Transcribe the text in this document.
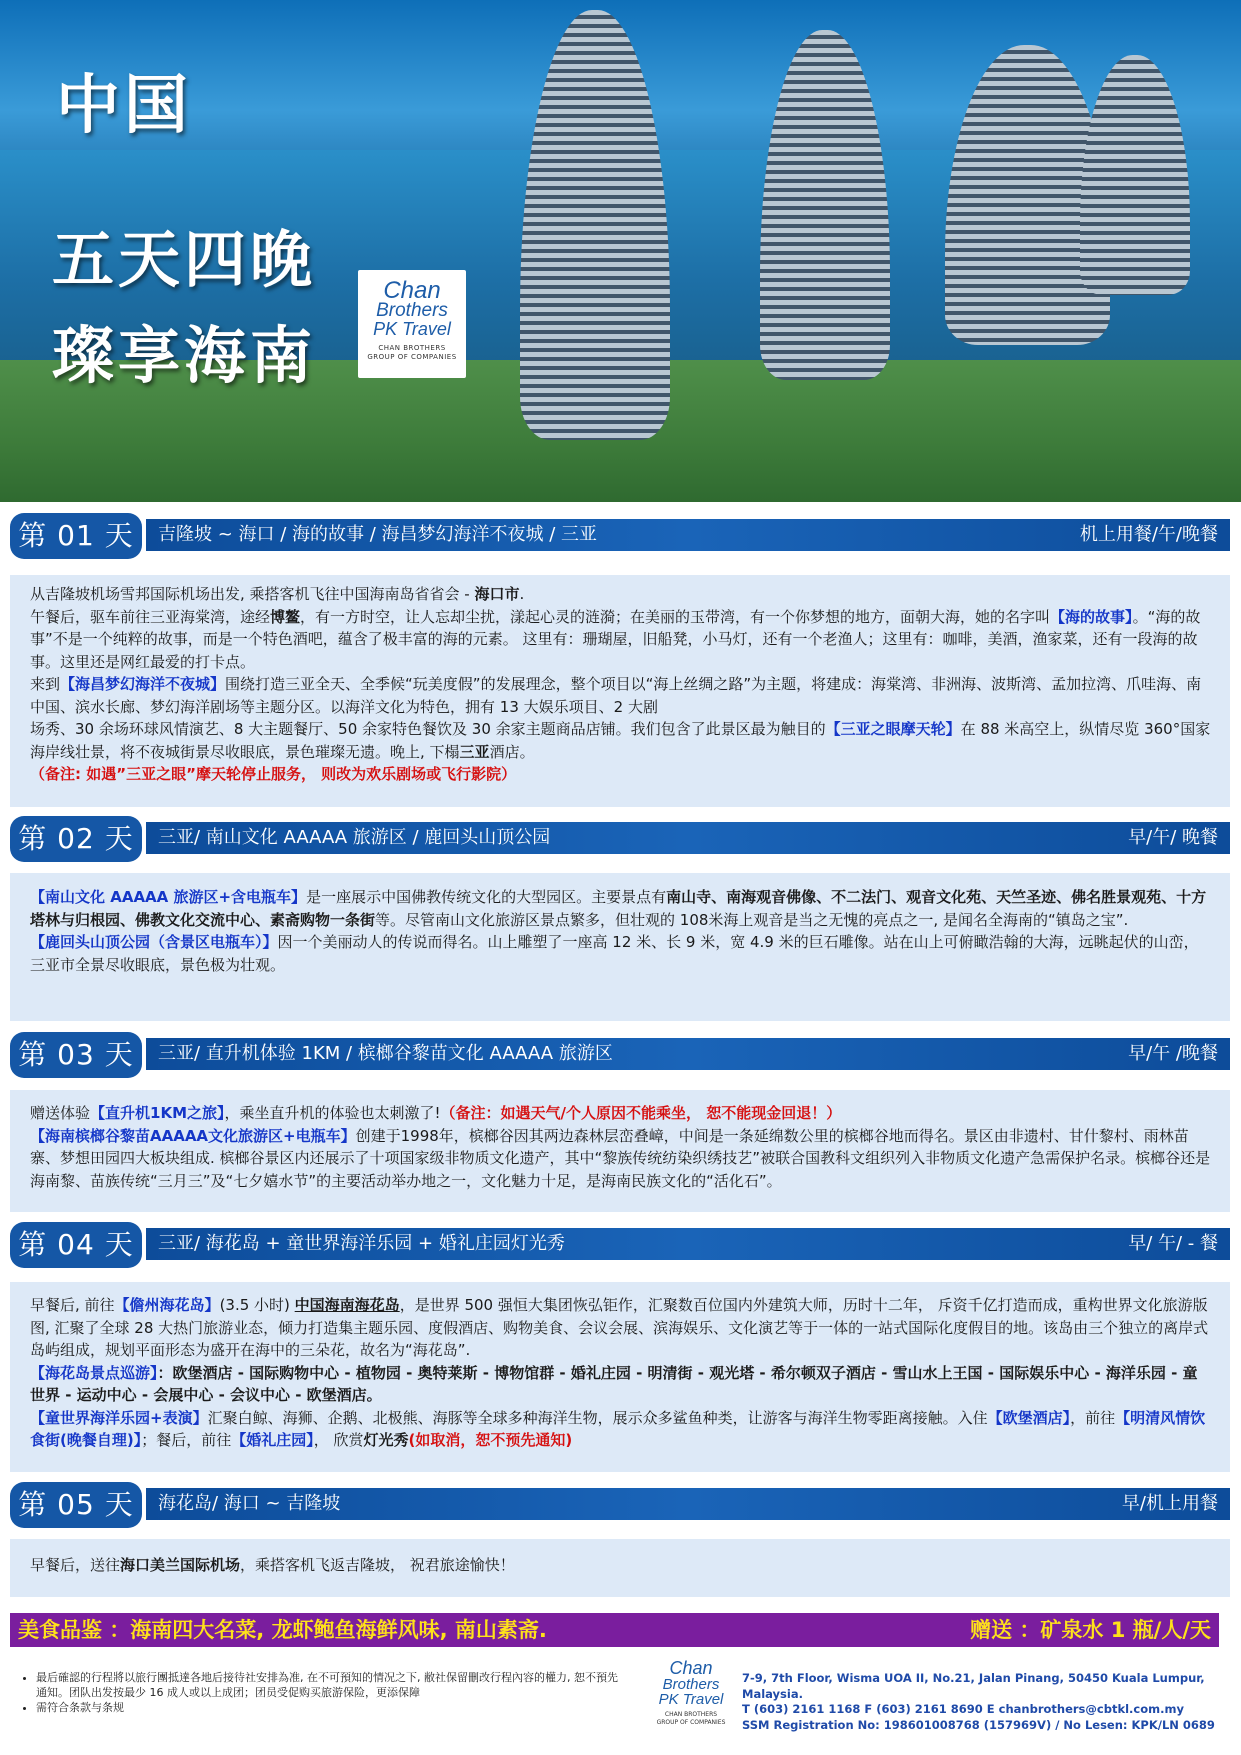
中国
五天四晚
璨享海南
Chan
Brothers
PK Travel
CHAN BROTHERS
GROUP OF COMPANIES
第 01 天	吉隆坡 ~ 海口 / 海的故事 / 海昌梦幻海洋不夜城 / 三亚	机上用餐/午/晚餐

从吉隆坡机场雪邦国际机场出发, 乘搭客机飞往中国海南岛省省会 - 海口市.

午餐后，驱车前往三亚海棠湾，途经博鳌，有一方时空，让人忘却尘扰，漾起心灵的涟漪；在美丽的玉带湾，有一个你梦想的地方，面朝大海，她的名字叫【海的故事】。“海的故事”不是一个纯粹的故事，而是一个特色酒吧，蕴含了极丰富的海的元素。 这里有：珊瑚屋，旧船凳，小马灯，还有一个老渔人；这里有：咖啡，美酒，渔家菜，还有一段海的故事。这里还是网红最爱的打卡点。

来到【海昌梦幻海洋不夜城】围绕打造三亚全天、全季候“玩美度假”的发展理念，整个项目以“海上丝绸之路”为主题，将建成：海棠湾、非洲海、波斯湾、孟加拉湾、爪哇海、南中国、滨水长廊、梦幻海洋剧场等主题分区。以海洋文化为特色，拥有 13 大娱乐项目、2 大剧

场秀、30 余场环球风情演艺、8 大主题餐厅、50 余家特色餐饮及 30 余家主题商品店铺。我们包含了此景区最为触目的【三亚之眼摩天轮】在 88 米高空上，纵情尽览 360°国家海岸线壮景，将不夜城街景尽收眼底，景色璀璨无遗。晚上, 下榻三亚酒店。

（备注: 如遇”三亚之眼”摩天轮停止服务， 则改为欢乐剧场或飞行影院）

第 02 天	三亚/ 南山文化 AAAAA 旅游区 / 鹿回头山顶公园	早/午/ 晚餐

【南山文化 AAAAA 旅游区+含电瓶车】是一座展示中国佛教传统文化的大型园区。主要景点有南山寺、南海观音佛像、不二法门、观音文化苑、天竺圣迹、佛名胜景观苑、十方塔林与归根园、佛教文化交流中心、素斋购物一条街等。尽管南山文化旅游区景点繁多，但壮观的 108米海上观音是当之无愧的亮点之一, 是闻名全海南的“镇岛之宝”.

【鹿回头山顶公园（含景区电瓶车）】因一个美丽动人的传说而得名。山上雕塑了一座高 12 米、长 9 米，宽 4.9 米的巨石雕像。站在山上可俯瞰浩翰的大海，远眺起伏的山峦，三亚市全景尽收眼底，景色极为壮观。

第 03 天	三亚/ 直升机体验 1KM / 槟榔谷黎苗文化 AAAAA 旅游区	早/午 /晚餐

赠送体验【直升机1KM之旅】，乘坐直升机的体验也太刺激了!（备注：如遇天气/个人原因不能乘坐， 恕不能现金回退！）

【海南槟榔谷黎苗AAAAA文化旅游区+电瓶车】创建于1998年，槟榔谷因其两边森林层峦叠嶂，中间是一条延绵数公里的槟榔谷地而得名。景区由非遗村、甘什黎村、雨林苗寨、梦想田园四大板块组成. 槟榔谷景区内还展示了十项国家级非物质文化遗产，其中“黎族传统纺染织绣技艺”被联合国教科文组织列入非物质文化遗产急需保护名录。槟榔谷还是海南黎、苗族传统“三月三”及“七夕嬉水节”的主要活动举办地之一，文化魅力十足，是海南民族文化的“活化石”。

第 04 天	三亚/ 海花岛 + 童世界海洋乐园 + 婚礼庄园灯光秀	早/ 午/ - 餐

早餐后, 前往【儋州海花岛】(3.5 小时) 中国海南海花岛，是世界 500 强恒大集团恢弘钜作，汇聚数百位国内外建筑大师，历时十二年， 斥资千亿打造而成，重构世界文化旅游版图, 汇聚了全球 28 大热门旅游业态，倾力打造集主题乐园、度假酒店、购物美食、会议会展、滨海娱乐、文化演艺等于一体的一站式国际化度假目的地。该岛由三个独立的离岸式岛屿组成，规划平面形态为盛开在海中的三朵花，故名为“海花岛”.

【海花岛景点巡游】：欧堡酒店 - 国际购物中心 - 植物园 - 奥特莱斯 - 博物馆群 - 婚礼庄园 - 明清街 - 观光塔 - 希尔顿双子酒店 - 雪山水上王国 - 国际娱乐中心 - 海洋乐园 - 童世界 - 运动中心 - 会展中心 - 会议中心 - 欧堡酒店。

【童世界海洋乐园+表演】汇聚白鲸、海狮、企鹅、北极熊、海豚等全球多种海洋生物，展示众多鲨鱼种类，让游客与海洋生物零距离接触。入住【欧堡酒店】，前往【明清风情饮食街(晚餐自理)】；餐后，前往【婚礼庄园】， 欣赏灯光秀(如取消，恕不预先通知)

第 05 天	海花岛/ 海口 ~ 吉隆坡	早/机上用餐

早餐后，送往海口美兰国际机场，乘搭客机飞返吉隆坡， 祝君旅途愉快！

美食品鉴 ：海南四大名菜, 龙虾鲍鱼海鲜风味, 南山素斋.	赠送 ：矿泉水 1 瓶/人/天
• 最后確認的行程將以旅行團抵達各地后接待社安排為准, 在不可預知的情况之下, 敝社保留刪改行程內容的權力, 恕不預先通知。团队出发按最少 16 成人或以上成团；团员受促购买旅游保险，更添保障
• 需符合条款与条规
Chan
Brothers
PK Travel
CHAN BROTHERS
GROUP OF COMPANIES
7-9, 7th Floor, Wisma UOA II, No.21, Jalan Pinang, 50450 Kuala Lumpur, Malaysia.
T (603) 2161 1168 F (603) 2161 8690 E chanbrothers@cbtkl.com.my
SSM Registration No: 198601008768 (157969V) / No Lesen: KPK/LN 0689
